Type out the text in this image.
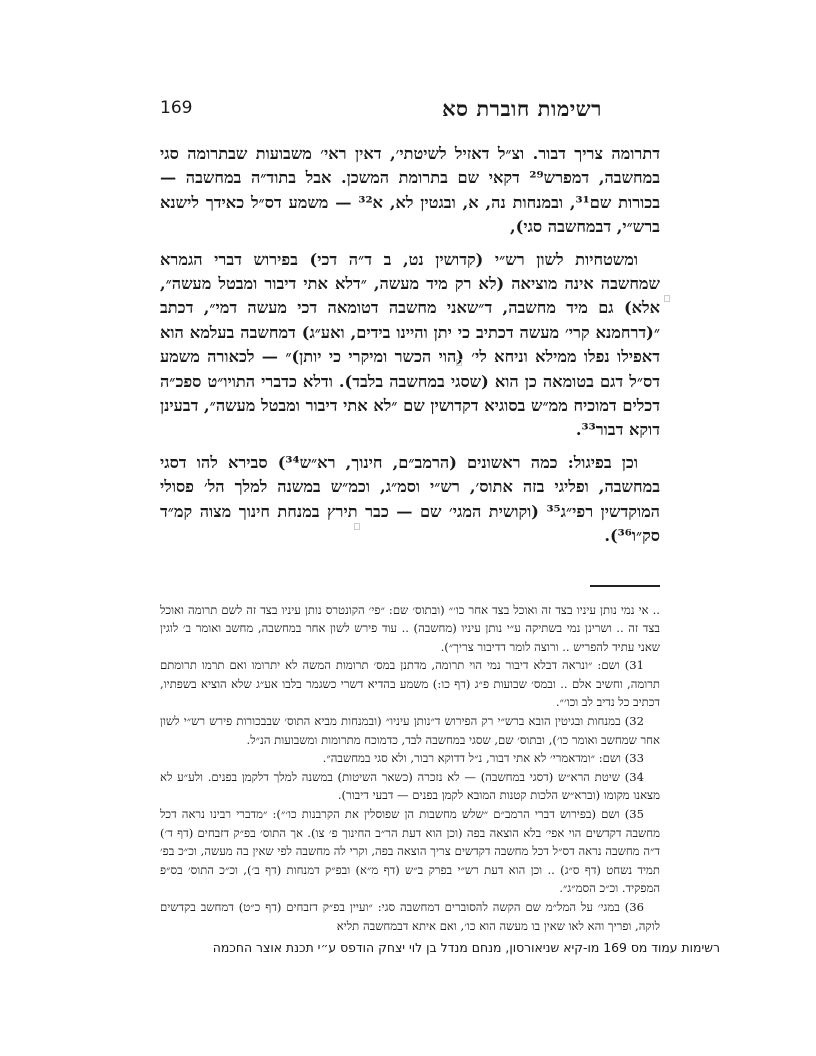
169	רשימות חוברת סא

דתרומה צריך דבור. וצ״ל דאזיל לשיטתי׳, דאין ראי׳ משבועות שבתרומה סגי במחשבה, דמפרש²⁹ דקאי שם בתרומת המשכן. אבל בתוד״ה במחשבה — בכורות שם³¹, ובמנחות נה, א, ובגטין לא, א³² — משמע דס״ל כאידך לישנא ברש״י, דבמחשבה סגי),

ומשטחיות לשון רש״י (קדושין נט, ב ד״ה דכי) בפירוש דברי הגמרא שמחשבה אינה מוציאה (לא רק מיד מעשה, ״דלא אתי דיבור ומבטל מעשה״, אלא) גם מיד מחשבה, ד״שאני מחשבה דטומאה דכי מעשה דמי״, דכתב ״(דרחמנא קרי׳ מעשה דכתיב כי יתן והיינו בידים, ואע״ג) דמחשבה בעלמא הוא דאפילו נפלו ממילא וניחא לי׳ (הוי הכשר ומיקרי כי יותן)״ — לכאורה משמע דס״ל דגם בטומאה כן הוא (שסגי במחשבה בלבד). ודלא כדברי התויו״ט ספכ״ה דכלים דמוכיח ממ״ש בסוגיא דקדושין שם ״לא אתי דיבור ומבטל מעשה״, דבעינן דוקא דבור³³.

וכן בפיגול: כמה ראשונים (הרמב״ם, חינוך, רא״ש³⁴) סבירא להו דסגי במחשבה, ופליגי בזה אתוס׳, רש״י וסמ״ג, וכמ״ש במשנה למלך הל׳ פסולי המוקדשין רפי״ג³⁵ (וקושית המגי׳ שם — כבר תירץ במנחת חינוך מצוה קמ״ד סק״ו³⁶).

.. אי נמי נותן עיניו בצד זה ואוכל בצד אחר כו׳״ (ובתוס׳ שם: ״פי׳ הקונטרס נותן עיניו בצד זה לשם תרומה ואוכל בצד זה .. ושרינן נמי בשתיקה ע״י נותן עיניו (מחשבה) .. עוד פירש לשון אחר במחשבה, מחשב ואומר ב׳ לוגין שאני עתיד להפריש .. ורוצה לומר דדיבור צריך״).

31) ושם: ״ונראה דבלא דיבור נמי הוי תרומה, מדתנן במס׳ תרומות המשה לא יתרומו ואם תרמו תרומתם תרומה, וחשיב אלם .. ובמס׳ שבועות פ״ג (דף כו:) משמע בהדיא דשרי כשגמר בלבו אע״ג שלא הוציא בשפתיו, דכתיב כל נדיב לב וכו׳״.

32) במנחות ובגיטין הובא ברש״י רק הפירוש ד״נותן עיניו״ (ובמנחות מביא התוס׳ שבבכורות פירש רש״י לשון אחר שמחשב ואומר כו׳), ובתוס׳ שם, שסגי במחשבה לבד, כדמוכח מתרומות ומשבועות הנ״ל.

33) ושם: ״ומדאמרי׳ לא אתי דבור, נ״ל דדוקא רבור, ולא סגי במחשבה״.

34) שיטת הרא״ש (דסגי במחשבה) — לא נזכרה (כשאר השיטות) במשנה למלך דלקמן בפנים. ולע״ע לא מצאנו מקומו (וברא״ש הלכות קטנות המובא לקמן בפנים — דבעי דיבור).

35) ושם (בפירוש דברי הרמב״ם ״שלש מחשבות הן שפוסלין את הקרבנות כו׳״): ״מדברי רבינו נראה דכל מחשבה דקדשים הוי אפי׳ בלא הוצאה בפה (וכן הוא דעת הר״ב החינוך פ׳ צו). אך התוס׳ בפ״ק דזבחים (דף ד׳) ד״ה מחשבה נראה דס״ל דכל מחשבה דקדשים צריך הוצאה בפה, וקרי לה מחשבה לפי שאין בה מעשה, וכ״כ בפ׳ תמיד נשחט (דף ס״ג) .. וכן הוא דעת רש״י בפרק ב״ש (דף מ״א) ובפ״ק דמנחות (דף ב׳), וכ״כ התוס׳ בס״פ המפקיד. וכ״כ הסמ״ג״.

36) במגי׳ על המל״מ שם הקשה להסוברים דמחשבה סגי: ״ועיין בפ״ק דזבחים (דף כ״ט) דמחשב בקדשים לוקה, ופריך והא לאו שאין בו מעשה הוא כו׳, ואם איתא דבמחשבה תליא

רשימות עמוד מס 169 מו-קיא שניאורסון, מנחם מנדל בן לוי יצחק הודפס ע״י תכנת אוצר החכמה
